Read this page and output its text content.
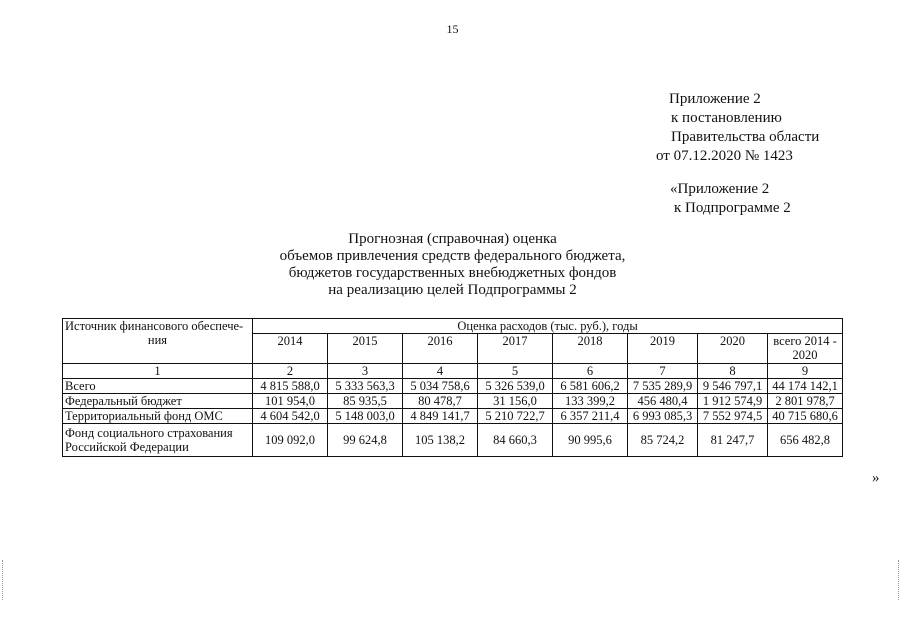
15
Приложение 2
к постановлению
Правительства области
от 07.12.2020 № 1423
«Приложение 2
к Подпрограмме 2
Прогнозная (справочная) оценка
объемов привлечения средств федерального бюджета,
бюджетов государственных внебюджетных фондов
на реализацию целей Подпрограммы 2
Источник финансового обеспече-
ния	Оценка расходов (тыс. руб.), годы							
	2014	2015	2016	2017	2018	2019	2020	всего 2014 - 2020
1	2	3	4	5	6	7	8	9
Всего	4 815 588,0	5 333 563,3	5 034 758,6	5 326 539,0	6 581 606,2	7 535 289,9	9 546 797,1	44 174 142,1
Федеральный бюджет	101 954,0	85 935,5	80 478,7	31 156,0	133 399,2	456 480,4	1 912 574,9	2 801 978,7
Территориальный фонд ОМС	4 604 542,0	5 148 003,0	4 849 141,7	5 210 722,7	6 357 211,4	6 993 085,3	7 552 974,5	40 715 680,6
Фонд социального страхования Российской Федерации	109 092,0	99 624,8	105 138,2	84 660,3	90 995,6	85 724,2	81 247,7	656 482,8
»
